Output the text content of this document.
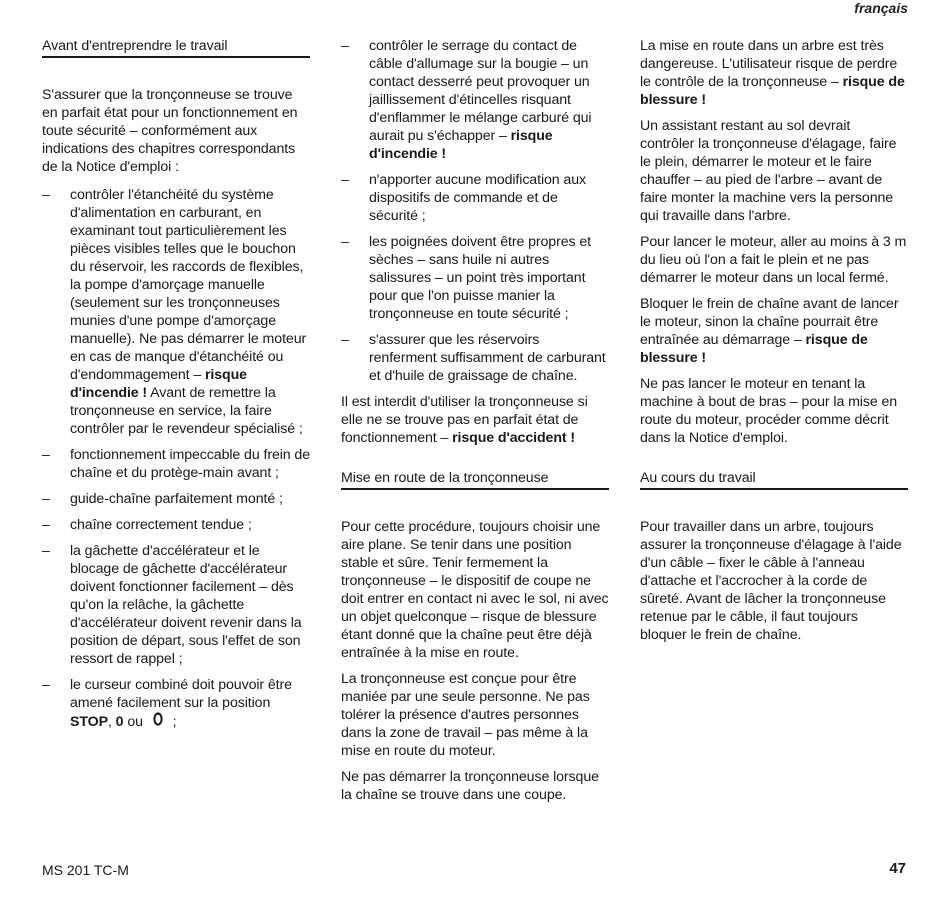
français
Avant d'entreprendre le travail

S'assurer que la tronçonneuse se trouve en parfait état pour un fonctionnement en toute sécurité – conformément aux indications des chapitres correspondants de la Notice d'emploi :

– contrôler l'étanchéité du système d'alimentation en carburant, en examinant tout particulièrement les pièces visibles telles que le bouchon du réservoir, les raccords de flexibles, la pompe d'amorçage manuelle (seulement sur les tronçonneuses munies d'une pompe d'amorçage manuelle). Ne pas démarrer le moteur en cas de manque d'étanchéité ou d'endommagement – risque d'incendie ! Avant de remettre la tronçonneuse en service, la faire contrôler par le revendeur spécialisé ;
– fonctionnement impeccable du frein de chaîne et du protège-main avant ;
– guide-chaîne parfaitement monté ;
– chaîne correctement tendue ;
– la gâchette d'accélérateur et le blocage de gâchette d'accélérateur doivent fonctionner facilement – dès qu'on la relâche, la gâchette d'accélérateur doivent revenir dans la position de départ, sous l'effet de son ressort de rappel ;
– le curseur combiné doit pouvoir être amené facilement sur la position STOP, 0 ou ;
– contrôler le serrage du contact de câble d'allumage sur la bougie – un contact desserré peut provoquer un jaillissement d'étincelles risquant d'enflammer le mélange carburé qui aurait pu s'échapper – risque d'incendie !
– n'apporter aucune modification aux dispositifs de commande et de sécurité ;
– les poignées doivent être propres et sèches – sans huile ni autres salissures – un point très important pour que l'on puisse manier la tronçonneuse en toute sécurité ;
– s'assurer que les réservoirs renferment suffisamment de carburant et d'huile de graissage de chaîne.

Il est interdit d'utiliser la tronçonneuse si elle ne se trouve pas en parfait état de fonctionnement – risque d'accident !

Mise en route de la tronçonneuse

Pour cette procédure, toujours choisir une aire plane. Se tenir dans une position stable et sûre. Tenir fermement la tronçonneuse – le dispositif de coupe ne doit entrer en contact ni avec le sol, ni avec un objet quelconque – risque de blessure étant donné que la chaîne peut être déjà entraînée à la mise en route.

La tronçonneuse est conçue pour être maniée par une seule personne. Ne pas tolérer la présence d'autres personnes dans la zone de travail – pas même à la mise en route du moteur.

Ne pas démarrer la tronçonneuse lorsque la chaîne se trouve dans une coupe.

La mise en route dans un arbre est très dangereuse. L'utilisateur risque de perdre le contrôle de la tronçonneuse – risque de blessure !

Un assistant restant au sol devrait contrôler la tronçonneuse d'élagage, faire le plein, démarrer le moteur et le faire chauffer – au pied de l'arbre – avant de faire monter la machine vers la personne qui travaille dans l'arbre.

Pour lancer le moteur, aller au moins à 3 m du lieu où l'on a fait le plein et ne pas démarrer le moteur dans un local fermé.

Bloquer le frein de chaîne avant de lancer le moteur, sinon la chaîne pourrait être entraînée au démarrage – risque de blessure !

Ne pas lancer le moteur en tenant la machine à bout de bras – pour la mise en route du moteur, procéder comme décrit dans la Notice d'emploi.

Au cours du travail

Pour travailler dans un arbre, toujours assurer la tronçonneuse d'élagage à l'aide d'un câble – fixer le câble à l'anneau d'attache et l'accrocher à la corde de sûreté. Avant de lâcher la tronçonneuse retenue par le câble, il faut toujours bloquer le frein de chaîne.

MS 201 TC-M	47
